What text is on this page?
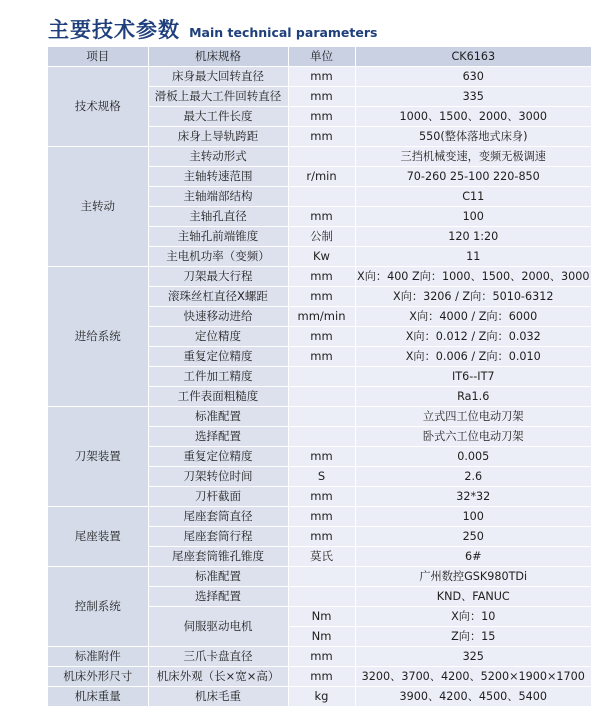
主要技术参数 Main technical parameters
项目	机床规格	单位	CK6163
技术规格	床身最大回转直径	mm	630
	滑板上最大工件回转直径	mm	335
	最大工件长度	mm	1000、1500、2000、3000
	床身上导轨跨距	mm	550(整体落地式床身)
主转动	主转动形式		三挡机械变速，变频无极调速
	主轴转速范围	r/min	70-260 25-100 220-850
	主轴端部结构		C11
	主轴孔直径	mm	100
	主轴孔前端锥度	公制	120 1:20
	主电机功率（变频）	Kw	11
进给系统	刀架最大行程	mm	X向：400 Z向：1000、1500、2000、3000
	滚珠丝杠直径X螺距	mm	X向：3206 / Z向：5010-6312
	快速移动进给	mm/min	X向：4000 / Z向：6000
	定位精度	mm	X向：0.012 / Z向：0.032
	重复定位精度	mm	X向：0.006 / Z向：0.010
	工件加工精度		IT6--IT7
	工件表面粗糙度		Ra1.6
刀架装置	标准配置		立式四工位电动刀架
	选择配置		卧式六工位电动刀架
	重复定位精度	mm	0.005
	刀架转位时间	S	2.6
	刀杆截面	mm	32*32
尾座装置	尾座套筒直径	mm	100
	尾座套筒行程	mm	250
	尾座套筒锥孔锥度	莫氏	6#
控制系统	标准配置		广州数控GSK980TDi
	选择配置		KND、FANUC
	伺服驱动电机	Nm	X向：10
		Nm	Z向：15
标准附件	三爪卡盘直径	mm	325
机床外形尺寸	机床外观（长×宽×高）	mm	3200、3700、4200、5200×1900×1700
机床重量	机床毛重	kg	3900、4200、4500、5400
